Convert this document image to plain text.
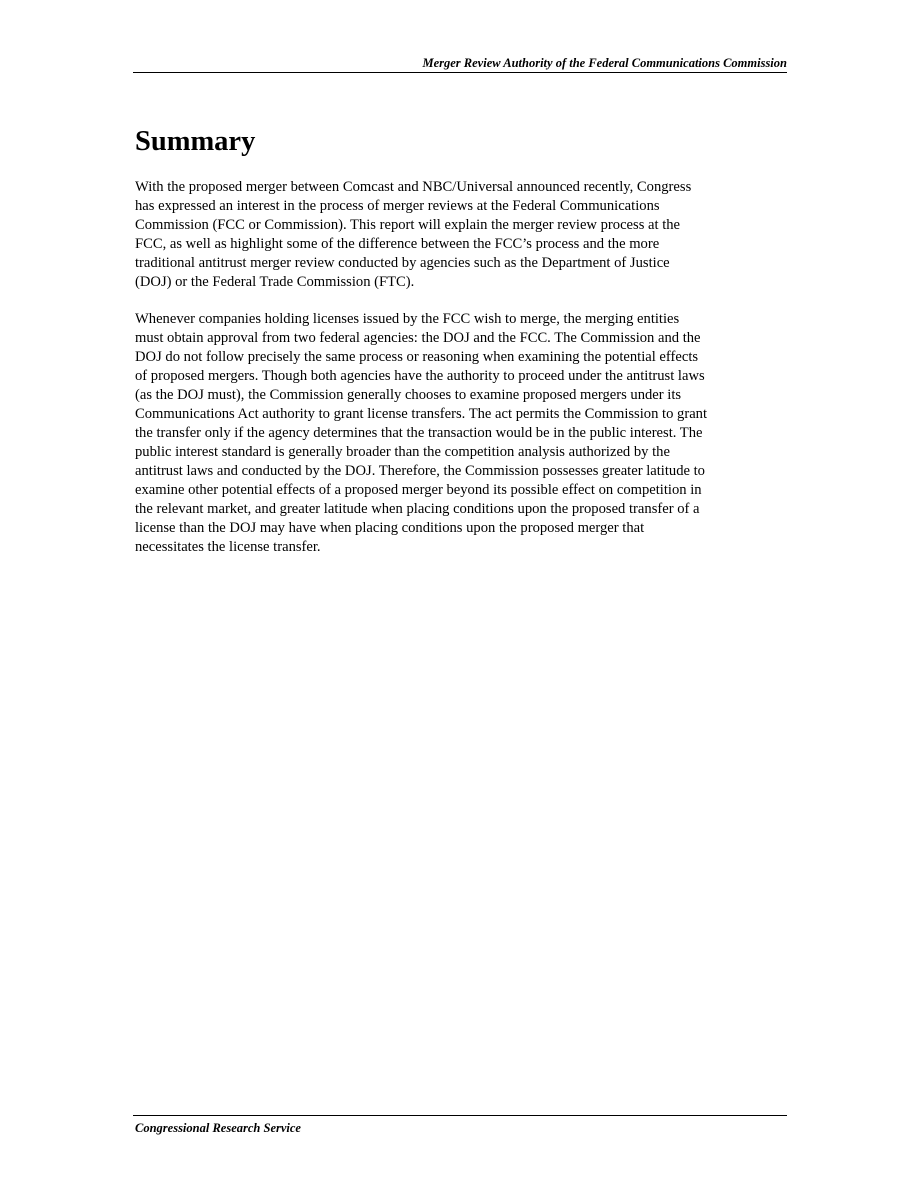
Merger Review Authority of the Federal Communications Commission
Summary

With the proposed merger between Comcast and NBC/Universal announced recently, Congress
has expressed an interest in the process of merger reviews at the Federal Communications
Commission (FCC or Commission). This report will explain the merger review process at the
FCC, as well as highlight some of the difference between the FCC’s process and the more
traditional antitrust merger review conducted by agencies such as the Department of Justice
(DOJ) or the Federal Trade Commission (FTC).

Whenever companies holding licenses issued by the FCC wish to merge, the merging entities
must obtain approval from two federal agencies: the DOJ and the FCC. The Commission and the
DOJ do not follow precisely the same process or reasoning when examining the potential effects
of proposed mergers. Though both agencies have the authority to proceed under the antitrust laws
(as the DOJ must), the Commission generally chooses to examine proposed mergers under its
Communications Act authority to grant license transfers. The act permits the Commission to grant
the transfer only if the agency determines that the transaction would be in the public interest. The
public interest standard is generally broader than the competition analysis authorized by the
antitrust laws and conducted by the DOJ. Therefore, the Commission possesses greater latitude to
examine other potential effects of a proposed merger beyond its possible effect on competition in
the relevant market, and greater latitude when placing conditions upon the proposed transfer of a
license than the DOJ may have when placing conditions upon the proposed merger that
necessitates the license transfer.

Congressional Research Service
